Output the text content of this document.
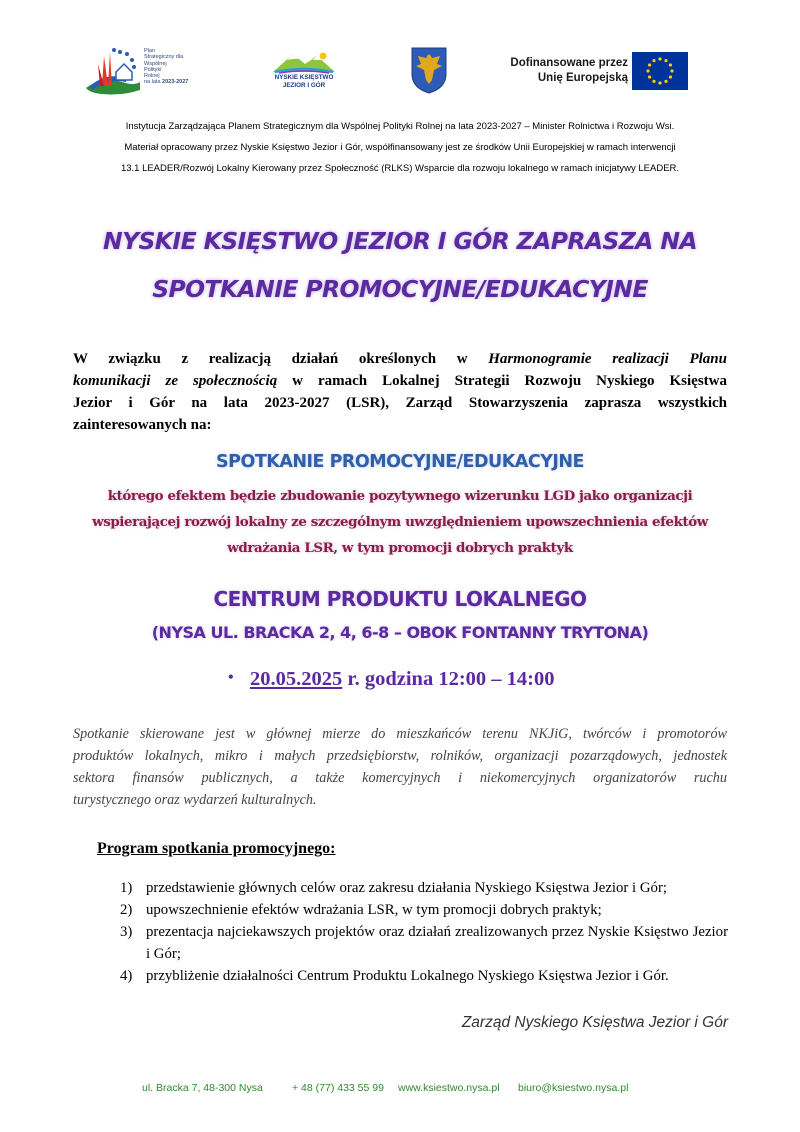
Plan
Strategiczny dla
Wspólnej
Polityki
Rolnej
na lata 2023-2027
NYSKIE KSIĘSTWO
JEZIOR I GÓR
Dofinansowane przez
Unię Europejską
Instytucja Zarządzająca Planem Strategicznym dla Wspólnej Polityki Rolnej na lata 2023-2027 – Minister Rolnictwa i Rozwoju Wsi.
Materiał opracowany przez Nyskie Księstwo Jezior i Gór, współfinansowany jest ze środków Unii Europejskiej w ramach interwencji
13.1 LEADER/Rozwój Lokalny Kierowany przez Społeczność (RLKS) Wsparcie dla rozwoju lokalnego w ramach inicjatywy LEADER.
NYSKIE KSIĘSTWO JEZIOR I GÓR ZAPRASZA NA
SPOTKANIE PROMOCYJNE/EDUKACYJNE
W związku z realizacją działań określonych w Harmonogramie realizacji Planu
komunikacji ze społecznością w ramach Lokalnej Strategii Rozwoju Nyskiego Księstwa
Jezior i Gór na lata 2023-2027 (LSR), Zarząd Stowarzyszenia zaprasza wszystkich
zainteresowanych na:
SPOTKANIE PROMOCYJNE/EDUKACYJNE
którego efektem będzie zbudowanie pozytywnego wizerunku LGD jako organizacji
wspierającej rozwój lokalny ze szczególnym uwzględnieniem upowszechnienia efektów
wdrażania LSR, w tym promocji dobrych praktyk
CENTRUM PRODUKTU LOKALNEGO
(NYSA UL. BRACKA 2, 4, 6-8 – OBOK FONTANNY TRYTONA)
• 20.05.2025 r. godzina 12:00 – 14:00
Spotkanie skierowane jest w głównej mierze do mieszkańców terenu NKJiG, twórców i promotorów
produktów lokalnych, mikro i małych przedsiębiorstw, rolników, organizacji pozarządowych, jednostek
sektora finansów publicznych, a także komercyjnych i niekomercyjnych organizatorów ruchu
turystycznego oraz wydarzeń kulturalnych.
Program spotkania promocyjnego:
1) przedstawienie głównych celów oraz zakresu działania Nyskiego Księstwa Jezior i Gór;
2) upowszechnienie efektów wdrażania LSR, w tym promocji dobrych praktyk;
3) prezentacja najciekawszych projektów oraz działań zrealizowanych przez Nyskie Księstwo Jezior i Gór;
4) przybliżenie działalności Centrum Produktu Lokalnego Nyskiego Księstwa Jezior i Gór.
Zarząd Nyskiego Księstwa Jezior i Gór
ul. Bracka 7, 48-300 Nysa	+ 48 (77) 433 55 99 www.ksiestwo.nysa.pl biuro@ksiestwo.nysa.pl
